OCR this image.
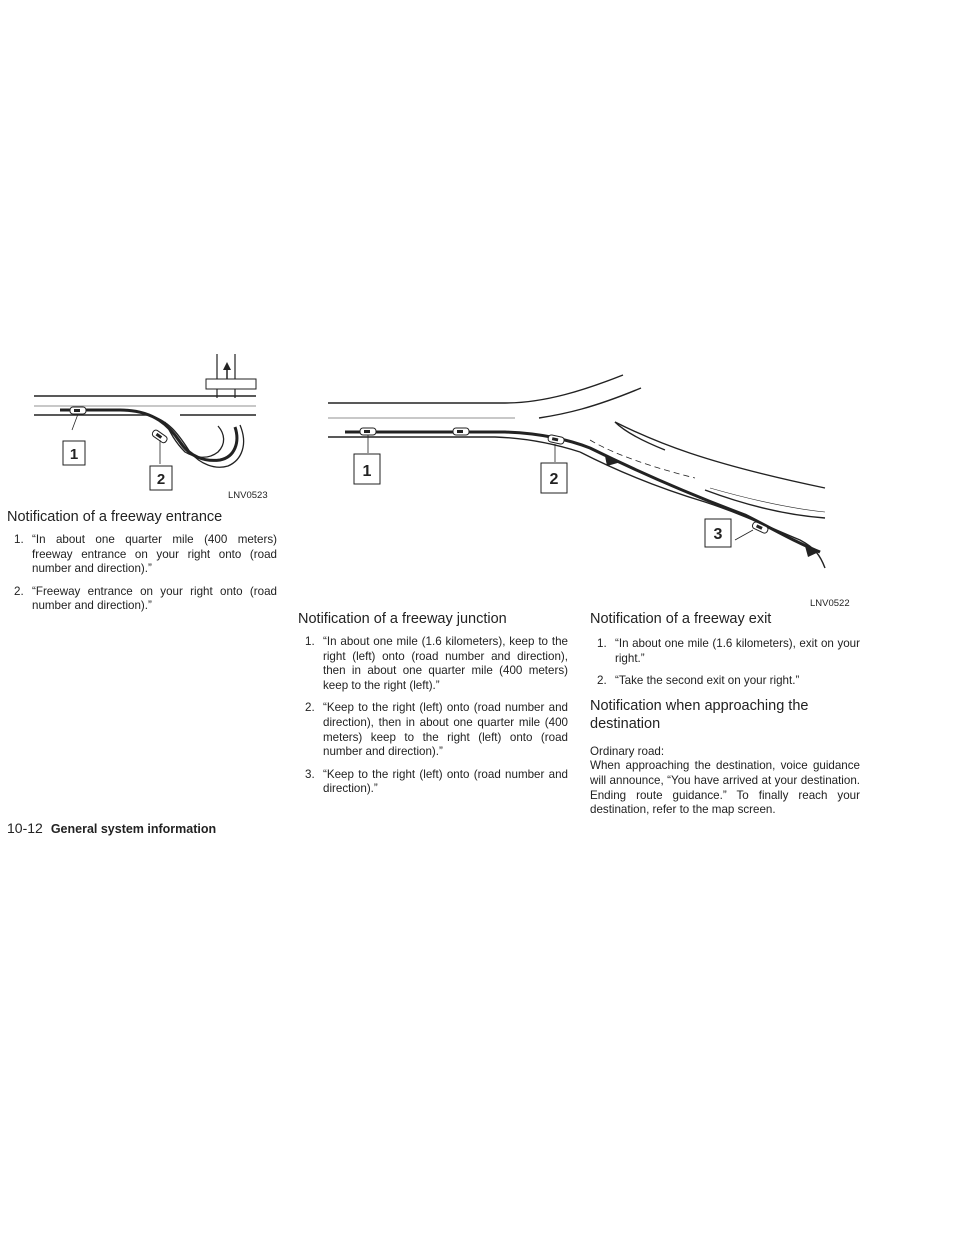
1
2
LNV0523
1	2
3
LNV0522
Notification of a freeway entrance
1. “In about one quarter mile (400 meters) freeway entrance on your right onto (road number and direction).”
2. “Freeway entrance on your right onto (road number and direction).”
Notification of a freeway junction
1. “In about one mile (1.6 kilometers), keep to the right (left) onto (road number and direction), then in about one quarter mile (400 meters) keep to the right (left).”
2. “Keep to the right (left) onto (road number and direction), then in about one quarter mile (400 meters) keep to the right (left) onto (road number and direction).”
3. “Keep to the right (left) onto (road number and direction).”
Notification of a freeway exit
1. “In about one mile (1.6 kilometers), exit on your right.”
2. “Take the second exit on your right.”
Notification when approaching the destination
Ordinary road:
When approaching the destination, voice guidance will announce, “You have arrived at your destination. Ending route guidance.” To finally reach your destination, refer to the map screen.
10-12 General system information
